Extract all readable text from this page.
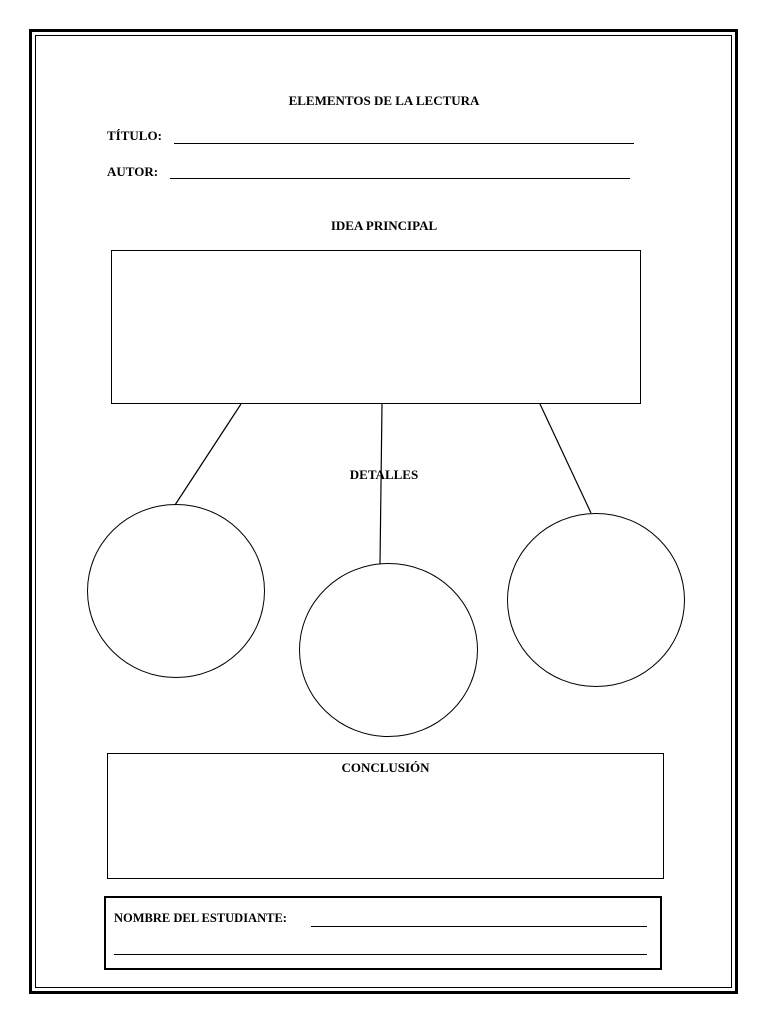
ELEMENTOS DE LA LECTURA
TÍTULO:
AUTOR:
IDEA PRINCIPAL
DETALLES
CONCLUSIÓN
NOMBRE DEL ESTUDIANTE:
